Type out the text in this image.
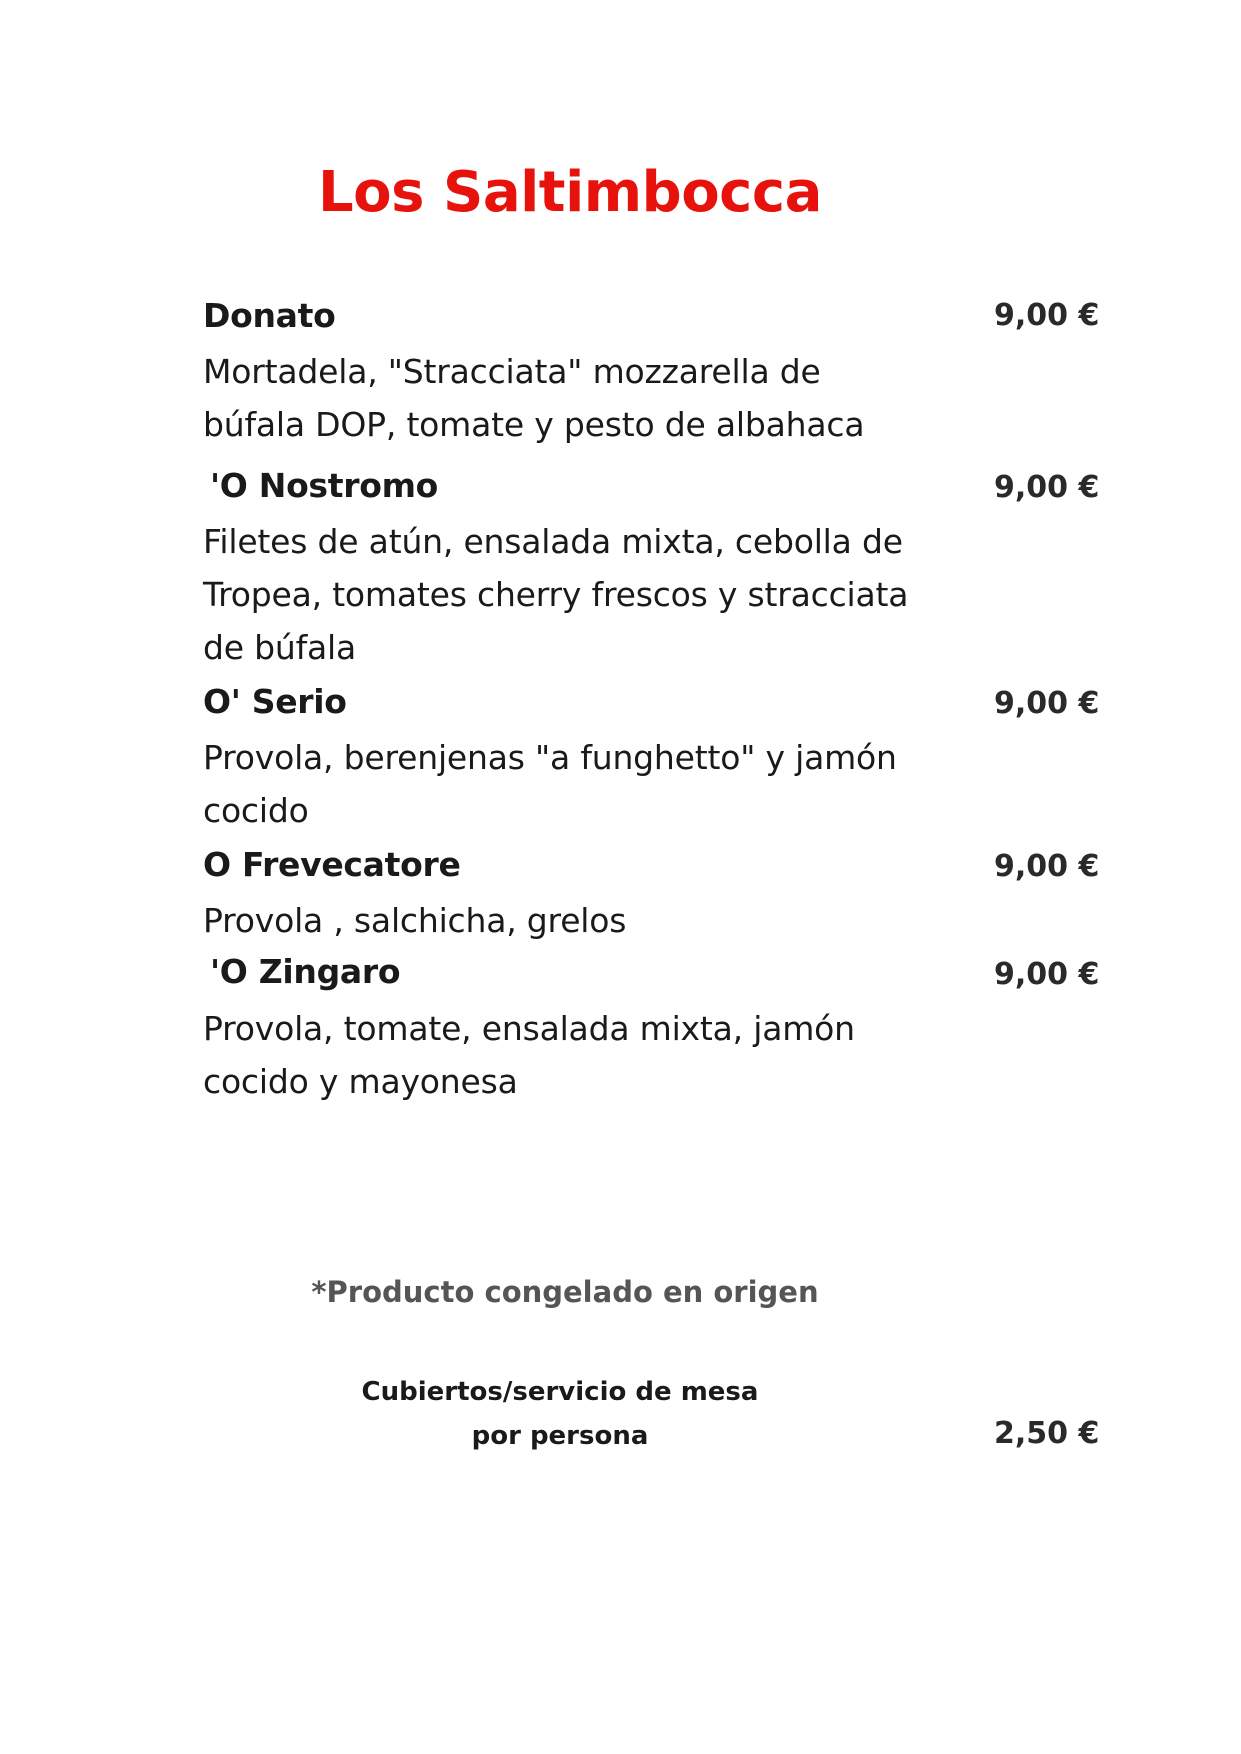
Los Saltimbocca
Donato	9,00 €
Mortadela, "Stracciata" mozzarella de búfala DOP, tomate y pesto de albahaca
'O Nostromo	9,00 €
Filetes de atún, ensalada mixta, cebolla de Tropea, tomates cherry frescos y stracciata de búfala
O' Serio	9,00 €
Provola, berenjenas "a funghetto" y jamón cocido
O Frevecatore	9,00 €
Provola , salchicha, grelos
'O Zingaro	9,00 €
Provola, tomate, ensalada mixta, jamón cocido y mayonesa
*Producto congelado en origen
Cubiertos/servicio de mesa
por persona	2,50 €
